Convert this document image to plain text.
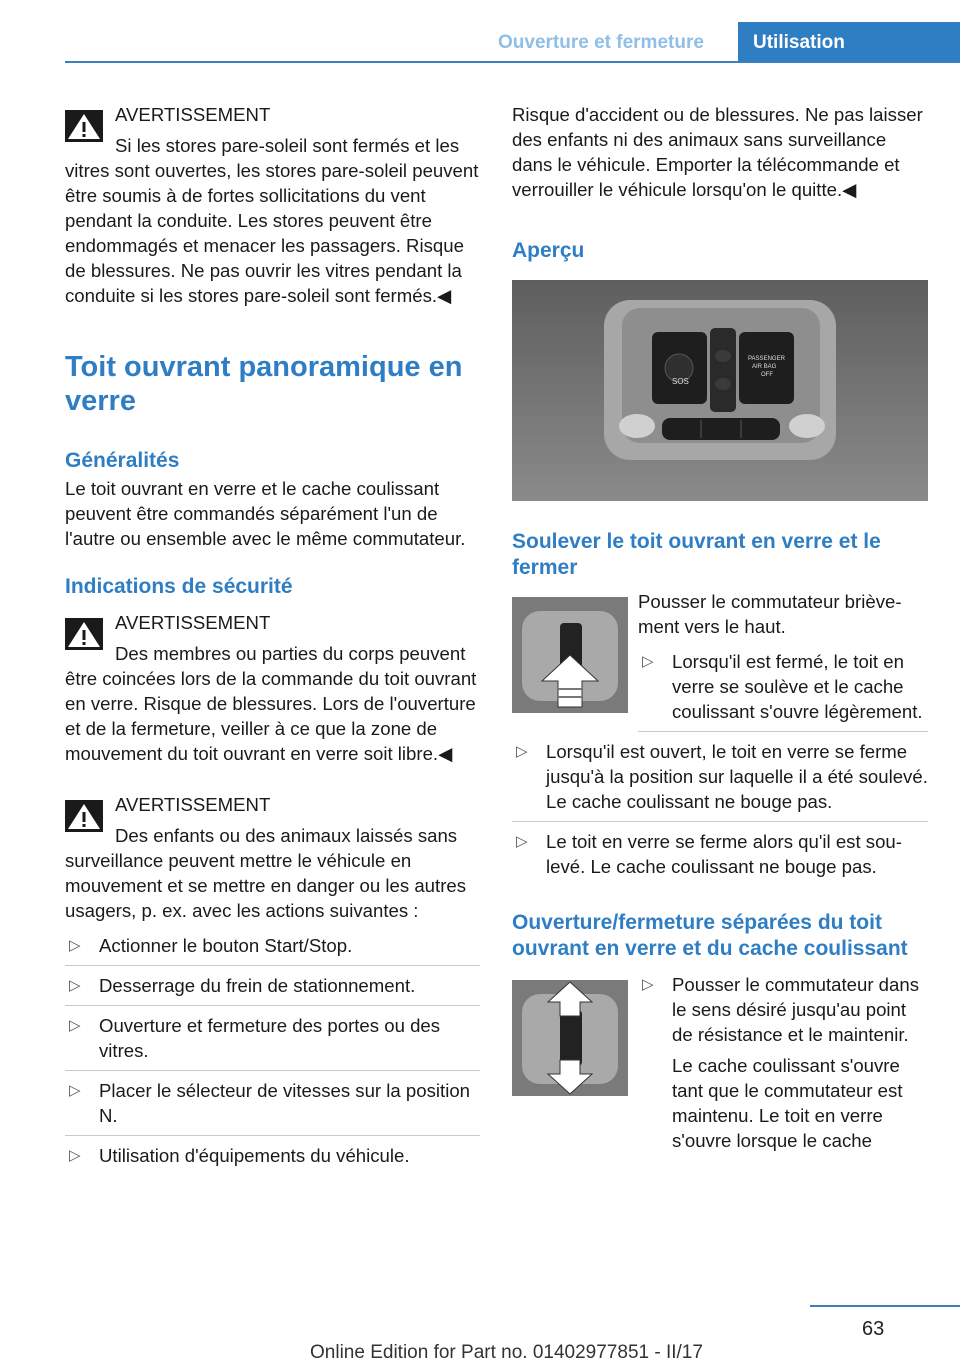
Ouverture et fermeture	Utilisation

AVERTISSEMENT

Si les stores pare-soleil sont fermés et les vitres sont ouvertes, les stores pare-soleil peuvent être soumis à de fortes sollicitations du vent pendant la conduite. Les stores peuvent être endommagés et menacer les passagers. Risque de blessures. Ne pas ouvrir les vitres pendant la conduite si les stores pare-soleil sont fermés.◀

Toit ouvrant panoramique en verre
Généralités

Le toit ouvrant en verre et le cache coulissant peuvent être commandés séparément l'un de l'autre ou ensemble avec le même commutateur.

Indications de sécurité

AVERTISSEMENT

Des membres ou parties du corps peuvent être coincées lors de la commande du toit ouvrant en verre. Risque de blessures. Lors de l'ouverture et de la fermeture, veiller à ce que la zone de mouvement du toit ouvrant en verre soit libre.◀

AVERTISSEMENT

Des enfants ou des animaux laissés sans surveillance peuvent mettre le véhicule en mouvement et se mettre en danger ou les autres usagers, p. ex. avec les actions suivantes :

▷ Actionner le bouton Start/Stop.
▷ Desserrage du frein de stationnement.
▷ Ouverture et fermeture des portes ou des vitres.
▷ Placer le sélecteur de vitesses sur la position N.
▷ Utilisation d'équipements du véhicule.

Risque d'accident ou de blessures. Ne pas laisser des enfants ni des animaux sans surveillance dans le véhicule. Emporter la télécommande et verrouiller le véhicule lorsqu'on le quitte.◀

Aperçu
SOS
PASSENGER
AIR BAG
OFF
Soulever le toit ouvrant en verre et le fermer

Pousser le commutateur brièvement vers le haut.

▷ Lorsqu'il est fermé, le toit en verre se soulève et le cache coulissant s'ouvre légèrement.
▷ Lorsqu'il est ouvert, le toit en verre se ferme jusqu'à la position sur laquelle il a été soulevé. Le cache coulissant ne bouge pas.
▷ Le toit en verre se ferme alors qu'il est soulevé. Le cache coulissant ne bouge pas.
Ouverture/fermeture séparées du toit ouvrant en verre et du cache coulissant
▷ Pousser le commutateur dans le sens désiré jusqu'au point de résistance et le maintenir.

Le cache coulissant s'ouvre tant que le commutateur est maintenu. Le toit en verre s'ouvre lorsque le cache

63
Online Edition for Part no. 01402977851 - II/17
